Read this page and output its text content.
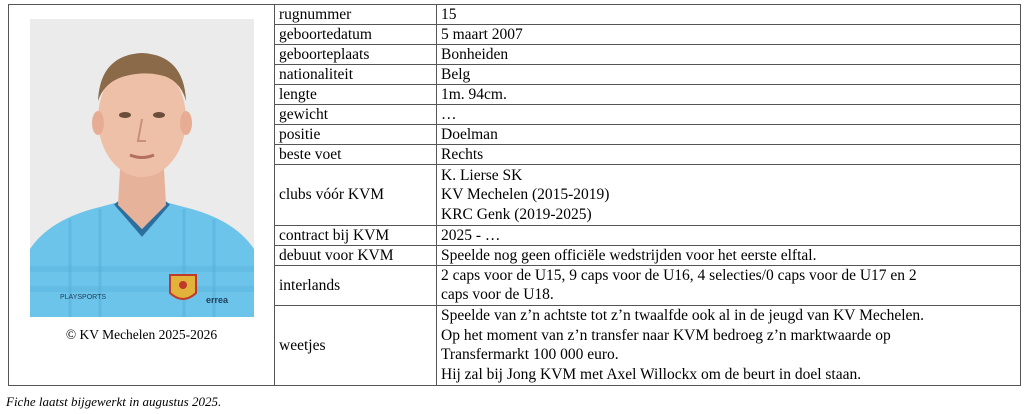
PLAYSPORTS errea
© KV Mechelen 2025-2026	rugnummer	15
	geboortedatum	5 maart 2007
	geboorteplaats	Bonheiden
	nationaliteit	Belg
	lengte	1m. 94cm.
	gewicht	…
	positie	Doelman
	beste voet	Rechts
	clubs vóór KVM	K. Lierse SK
KV Mechelen (2015-2019)
KRC Genk (2019-2025)

	contract bij KVM	2025 - …
	debuut voor KVM	Speelde nog geen officiële wedstrijden voor het eerste elftal.
	interlands	2 caps voor de U15, 9 caps voor de U16, 4 selecties/0 caps voor de U17 en 2
caps voor de U18.

	weetjes	Speelde van z’n achtste tot z’n twaalfde ook al in de jeugd van KV Mechelen.
Op het moment van z’n transfer naar KVM bedroeg z’n marktwaarde op
Transfermarkt 100 000 euro.
Hij zal bij Jong KVM met Axel Willockx om de beurt in doel staan.
Fiche laatst bijgewerkt in augustus 2025.
